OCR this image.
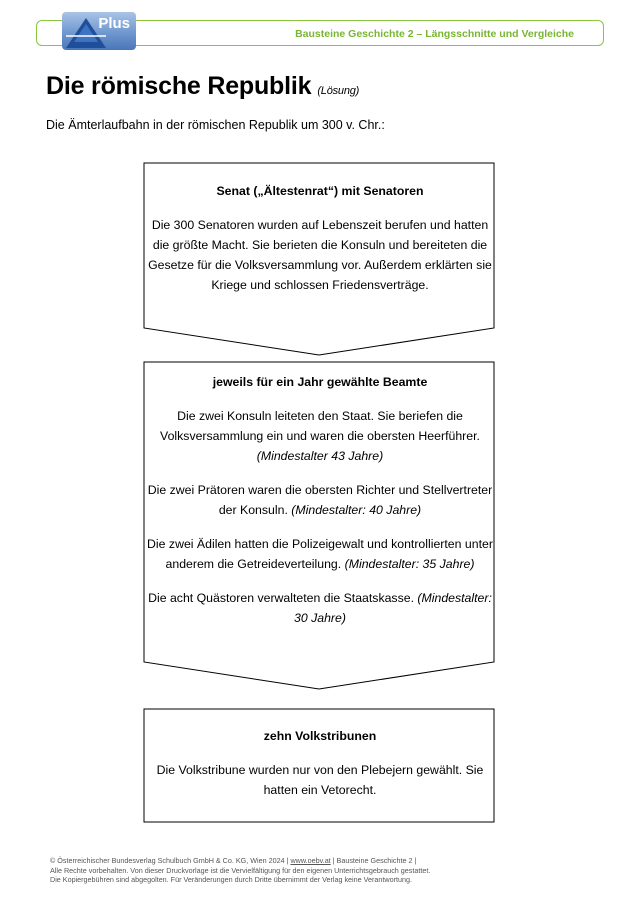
Plus
Bausteine Geschichte 2 – Längsschnitte und Vergleiche
Die römische Republik (Lösung)
Die Ämterlaufbahn in der römischen Republik um 300 v. Chr.:
Senat („Ältestenrat“) mit Senatoren

Die 300 Senatoren wurden auf Lebenszeit berufen und hatten die größte Macht. Sie berieten die Konsuln und bereiteten die Gesetze für die Volksversammlung vor. Außerdem erklärten sie Kriege und schlossen Friedensverträge.

jeweils für ein Jahr gewählte Beamte

Die zwei Konsuln leiteten den Staat. Sie beriefen die Volksversammlung ein und waren die obersten Heerführer. (Mindestalter 43 Jahre)

Die zwei Prätoren waren die obersten Richter und Stellvertreter der Konsuln. (Mindestalter: 40 Jahre)

Die zwei Ädilen hatten die Polizeigewalt und kontrollierten unter anderem die Getreideverteilung. (Mindestalter: 35 Jahre)

Die acht Quästoren verwalteten die Staatskasse. (Mindestalter: 30 Jahre)

zehn Volkstribunen

Die Volkstribune wurden nur von den Plebejern gewählt. Sie hatten ein Vetorecht.

© Österreichischer Bundesverlag Schulbuch GmbH & Co. KG, Wien 2024 | www.oebv.at | Bausteine Geschichte 2 |
Alle Rechte vorbehalten. Von dieser Druckvorlage ist die Vervielfältigung für den eigenen Unterrichtsgebrauch gestattet.
Die Kopiergebühren sind abgegolten. Für Veränderungen durch Dritte übernimmt der Verlag keine Verantwortung.
